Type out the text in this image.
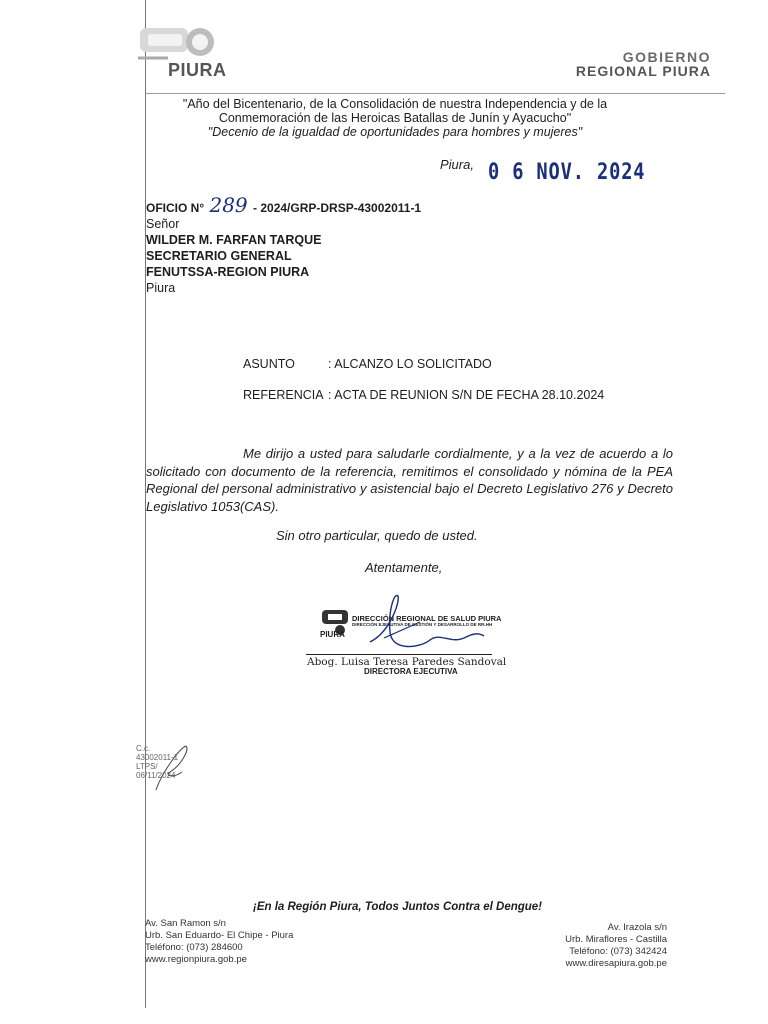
PIURA
GOBIERNO
REGIONAL PIURA
"Año del Bicentenario, de la Consolidación de nuestra Independencia y de la
Conmemoración de las Heroicas Batallas de Junín y Ayacucho"
"Decenio de la igualdad de oportunidades para hombres y mujeres"
Piura, 0 6 NOV. 2024
OFICIO N° 289 - 2024/GRP-DRSP-43002011-1
Señor
WILDER M. FARFAN TARQUE
SECRETARIO GENERAL
FENUTSSA-REGION PIURA
Piura
ASUNTO	: ALCANZO LO SOLICITADO
REFERENCIA : ACTA DE REUNION S/N DE FECHA 28.10.2024
Me dirijo a usted para saludarle cordialmente, y a la vez de acuerdo a lo solicitado con documento de la referencia, remitimos el consolidado y nómina de la PEA Regional del personal administrativo y asistencial bajo el Decreto Legislativo 276 y Decreto Legislativo 1053(CAS).
Sin otro particular, quedo de usted.
Atentamente,
DIRECCIÓN REGIONAL DE SALUD PIURA
DIRECCIÓN EJECUTIVA DE GESTIÓN Y DESARROLLO DE RR.HH
PIURA
Abog. Luisa Teresa Paredes Sandoval
DIRECTORA EJECUTIVA
C.c.
43002011-1
LTPS/
06/11/2024
¡En la Región Piura, Todos Juntos Contra el Dengue!
Av. San Ramon s/n
Urb. San Eduardo- El Chipe - Piura
Teléfono: (073) 284600
www.regionpiura.gob.pe
Av. Irazola s/n
Urb. Miraflores - Castilla
Teléfono: (073) 342424
www.diresapiura.gob.pe
